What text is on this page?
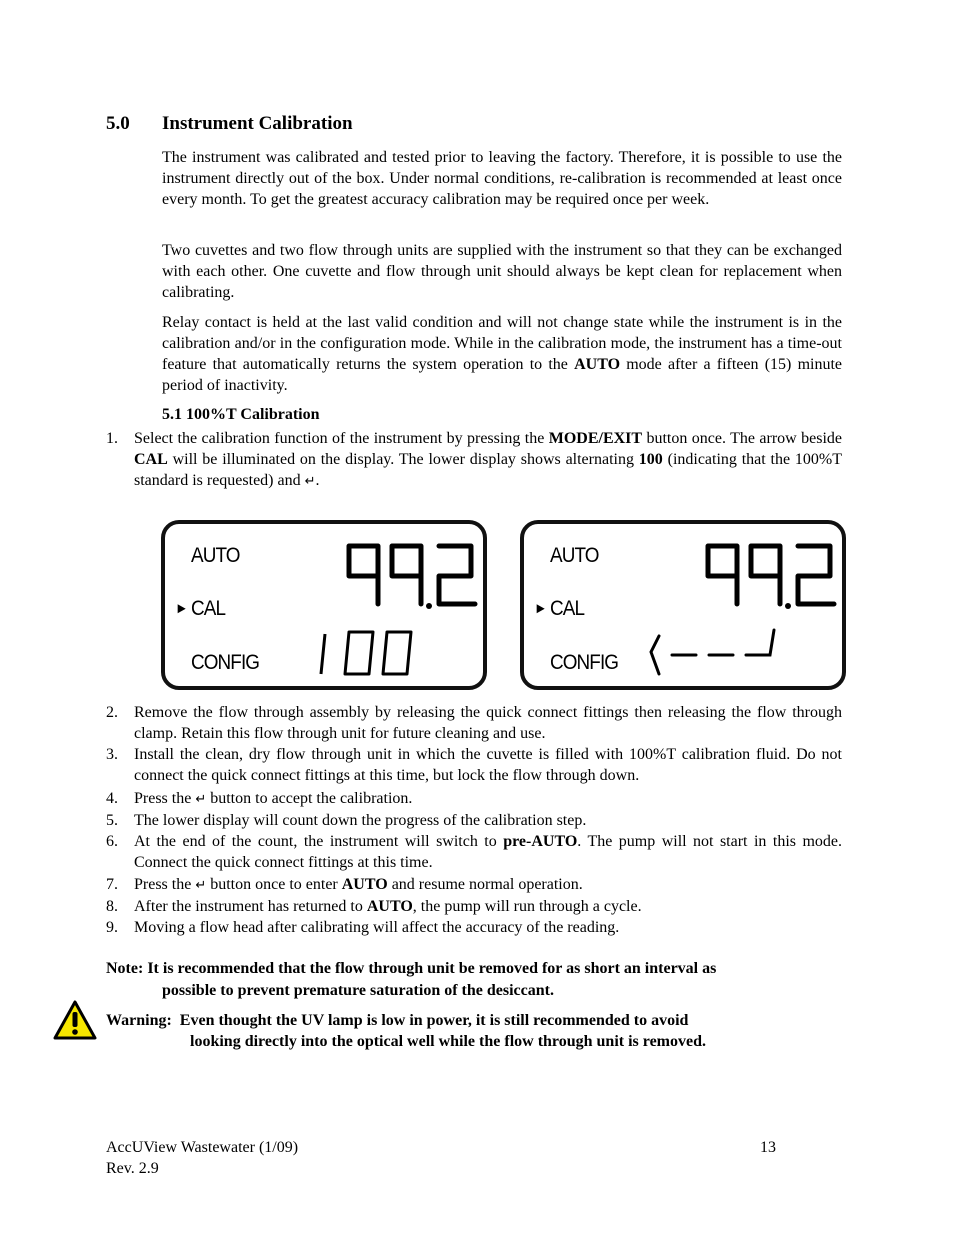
5.0 Instrument Calibration

The instrument was calibrated and tested prior to leaving the factory. Therefore, it is possible to use the instrument directly out of the box. Under normal conditions, re-calibration is recommended at least once every month. To get the greatest accuracy calibration may be required once per week.

Two cuvettes and two flow through units are supplied with the instrument so that they can be exchanged with each other. One cuvette and flow through unit should always be kept clean for replacement when calibrating.

Relay contact is held at the last valid condition and will not change state while the instrument is in the calibration and/or in the configuration mode. While in the calibration mode, the instrument has a time-out feature that automatically returns the system operation to the AUTO mode after a fifteen (15) minute period of inactivity.

5.1 100%T Calibration
1. Select the calibration function of the instrument by pressing the MODE/EXIT button once. The arrow beside CAL will be illuminated on the display. The lower display shows alternating 100 (indicating that the 100%T standard is requested) and ↵.
AUTO
► CAL
CONFIG
AUTO
► CAL
CONFIG
2. Remove the flow through assembly by releasing the quick connect fittings then releasing the flow through clamp. Retain this flow through unit for future cleaning and use.
3. Install the clean, dry flow through unit in which the cuvette is filled with 100%T calibration fluid. Do not connect the quick connect fittings at this time, but lock the flow through down.
4. Press the ↵ button to accept the calibration.
5. The lower display will count down the progress of the calibration step.
6. At the end of the count, the instrument will switch to pre-AUTO. The pump will not start in this mode. Connect the quick connect fittings at this time.
7. Press the ↵ button once to enter AUTO and resume normal operation.
8. After the instrument has returned to AUTO, the pump will run through a cycle.
9. Moving a flow head after calibrating will affect the accuracy of the reading.
Note: It is recommended that the flow through unit be removed for as short an interval as
possible to prevent premature saturation of the desiccant.
Warning: Even thought the UV lamp is low in power, it is still recommended to avoid
looking directly into the optical well while the flow through unit is removed.
AccUView Wastewater (1/09)
Rev. 2.9
13
